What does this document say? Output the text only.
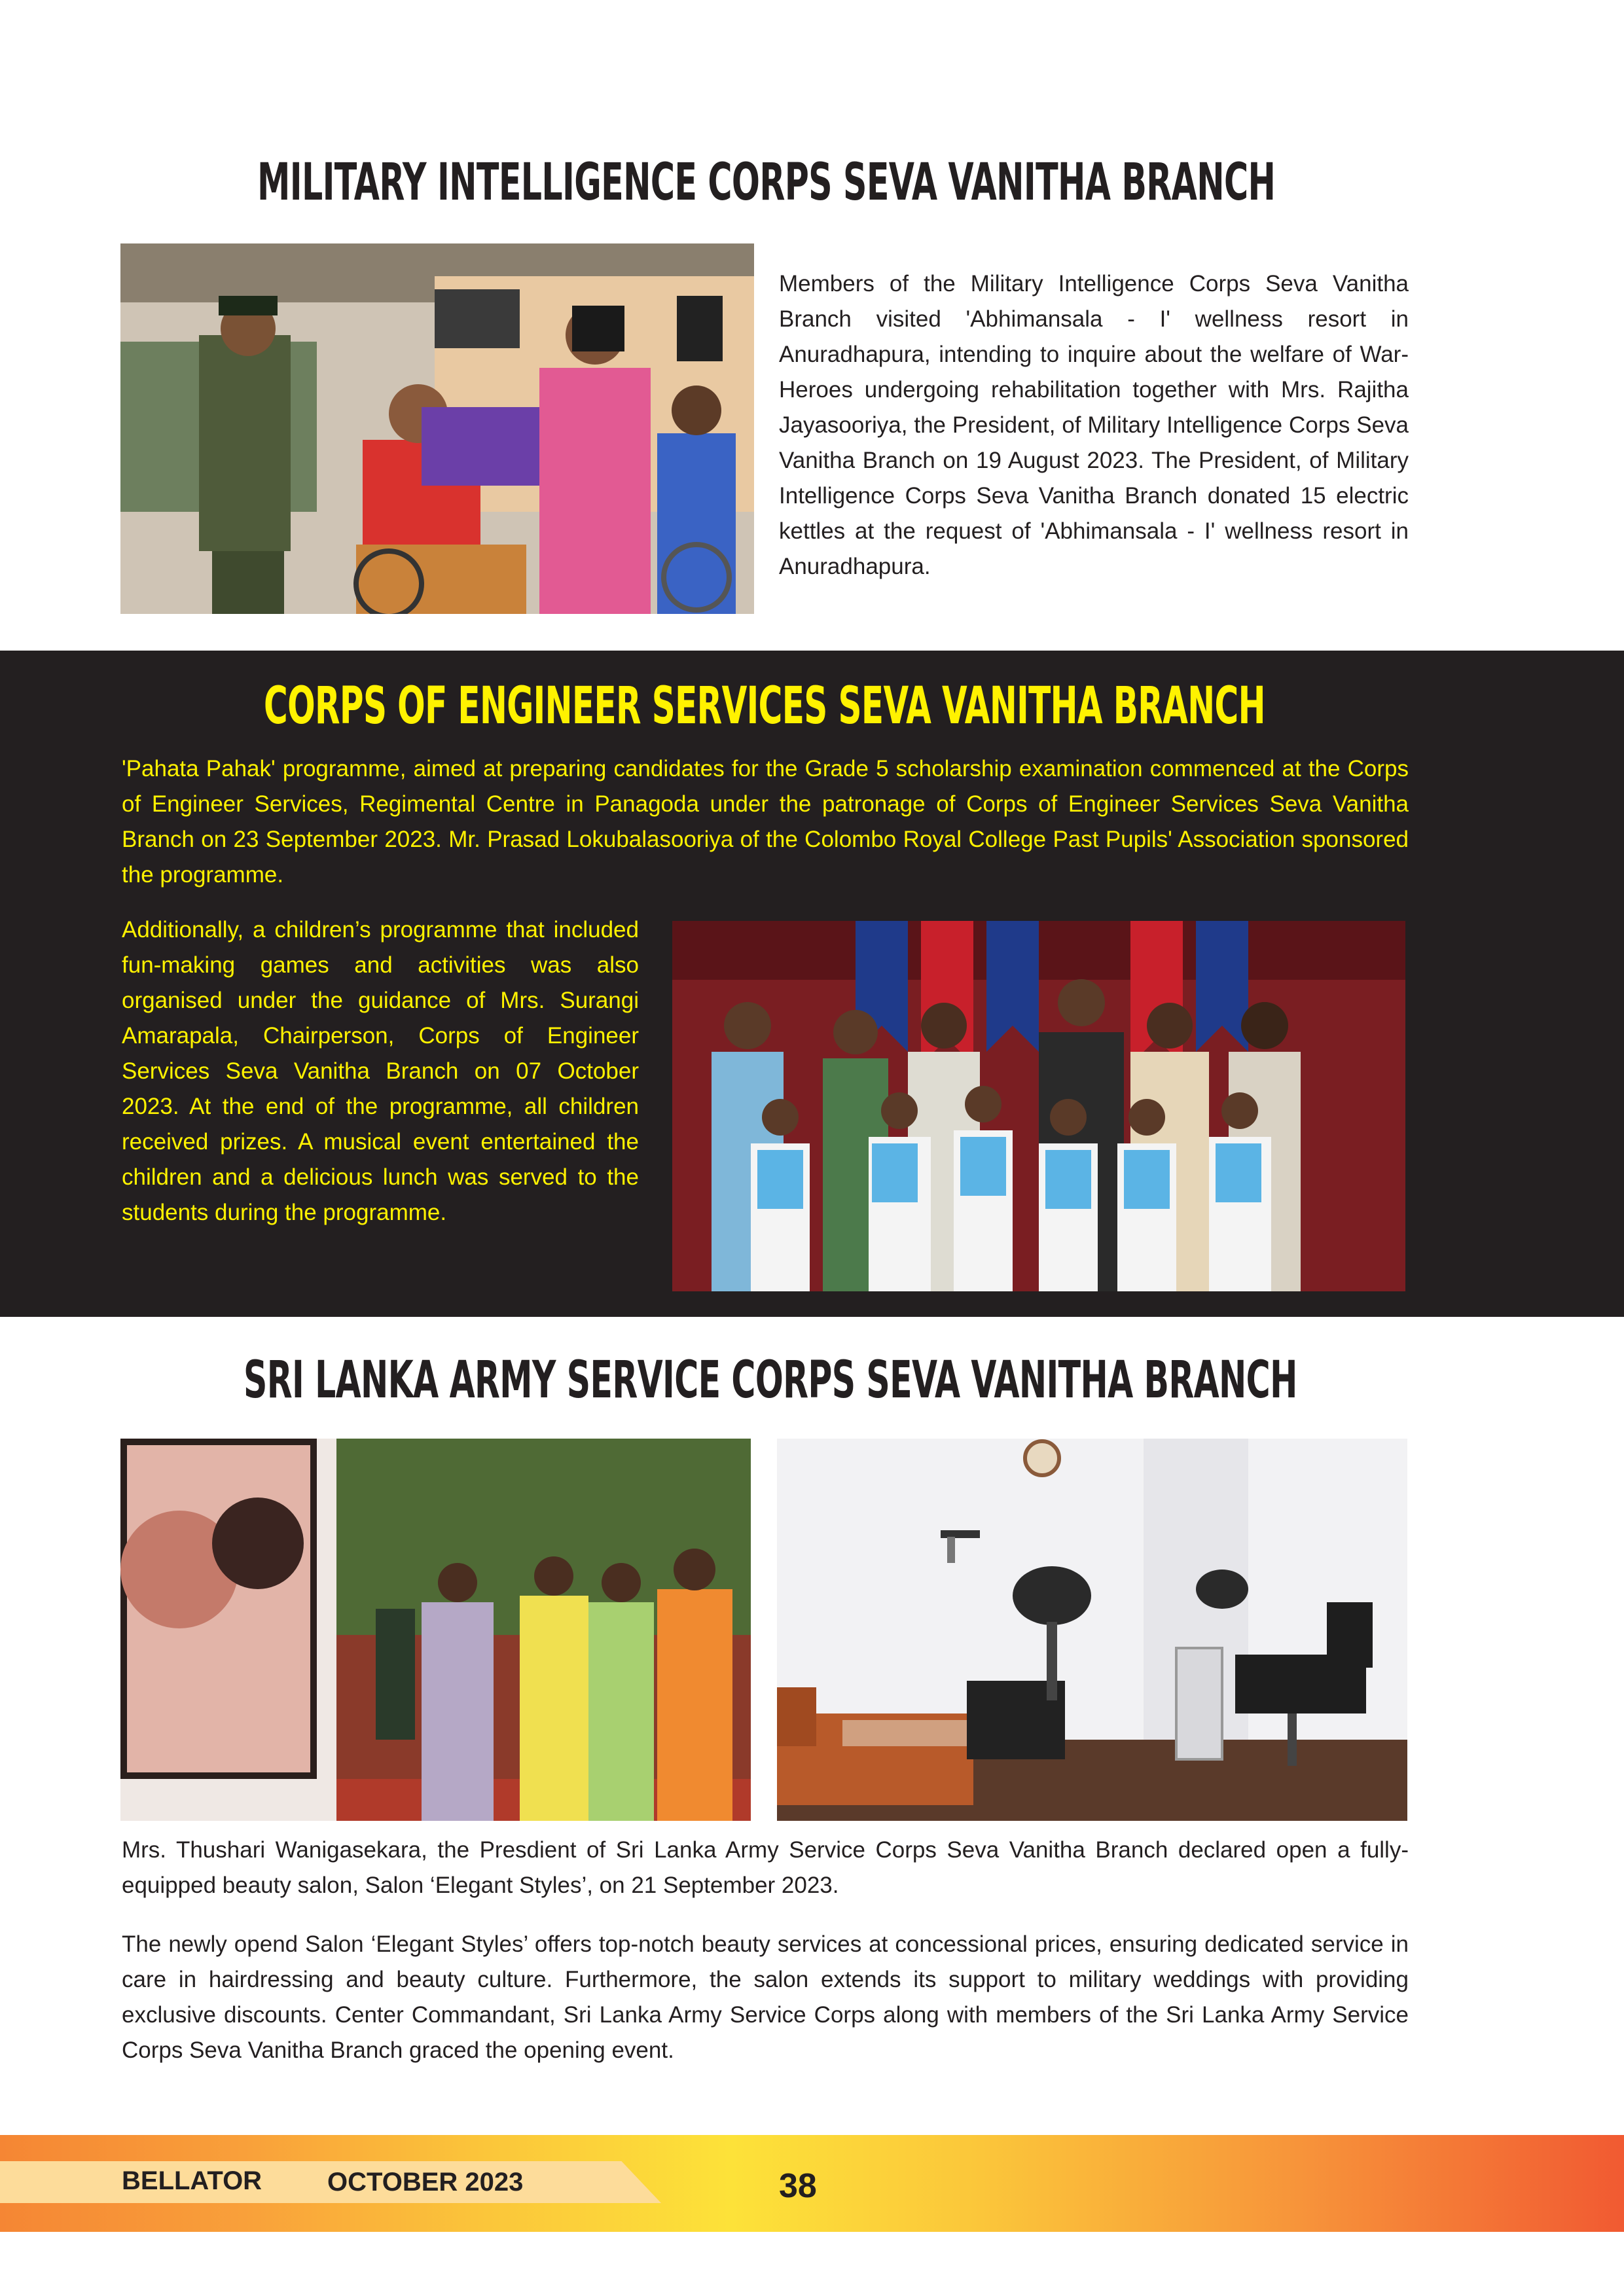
MILITARY INTELLIGENCE CORPS SEVA VANITHA BRANCH

Members of the Military Intelligence Corps Seva Vanitha Branch visited 'Abhimansala - I' wellness resort in Anuradhapura, intending to inquire about the welfare of War-Heroes undergoing rehabilitation together with Mrs. Rajitha Jayasooriya, the President, of Military Intelligence Corps Seva Vanitha Branch on 19 August 2023. The President, of Military Intelligence Corps Seva Vanitha Branch donated 15 electric kettles at the request of 'Abhimansala - I' wellness resort in Anuradhapura.

CORPS OF ENGINEER SERVICES SEVA VANITHA BRANCH

'Pahata Pahak' programme, aimed at preparing candidates for the Grade 5 scholarship examination commenced at the Corps of Engineer Services, Regimental Centre in Panagoda under the patronage of Corps of Engineer Services Seva Vanitha Branch on 23 September 2023. Mr. Prasad Lokubalasooriya of the Colombo Royal College Past Pupils' Association sponsored the programme.

Additionally, a children’s programme that included fun-making games and activities was also organised under the guidance of Mrs. Surangi Amarapala, Chairperson, Corps of Engineer Services Seva Vanitha Branch on 07 October 2023. At the end of the programme, all children received prizes. A musical event entertained the children and a delicious lunch was served to the students during the programme.

SRI LANKA ARMY SERVICE CORPS SEVA VANITHA BRANCH

Mrs. Thushari Wanigasekara, the Presdient of Sri Lanka Army Service Corps Seva Vanitha Branch declared open a fully-equipped beauty salon, Salon ‘Elegant Styles’, on 21 September 2023.

The newly opend Salon ‘Elegant Styles’ offers top-notch beauty services at concessional prices, ensuring dedicated service in care in hairdressing and beauty culture. Furthermore, the salon extends its support to military weddings with providing exclusive discounts. Center Commandant, Sri Lanka Army Service Corps along with members of the Sri Lanka Army Service Corps Seva Vanitha Branch graced the opening event.

BELLATOR OCTOBER 2023	38
